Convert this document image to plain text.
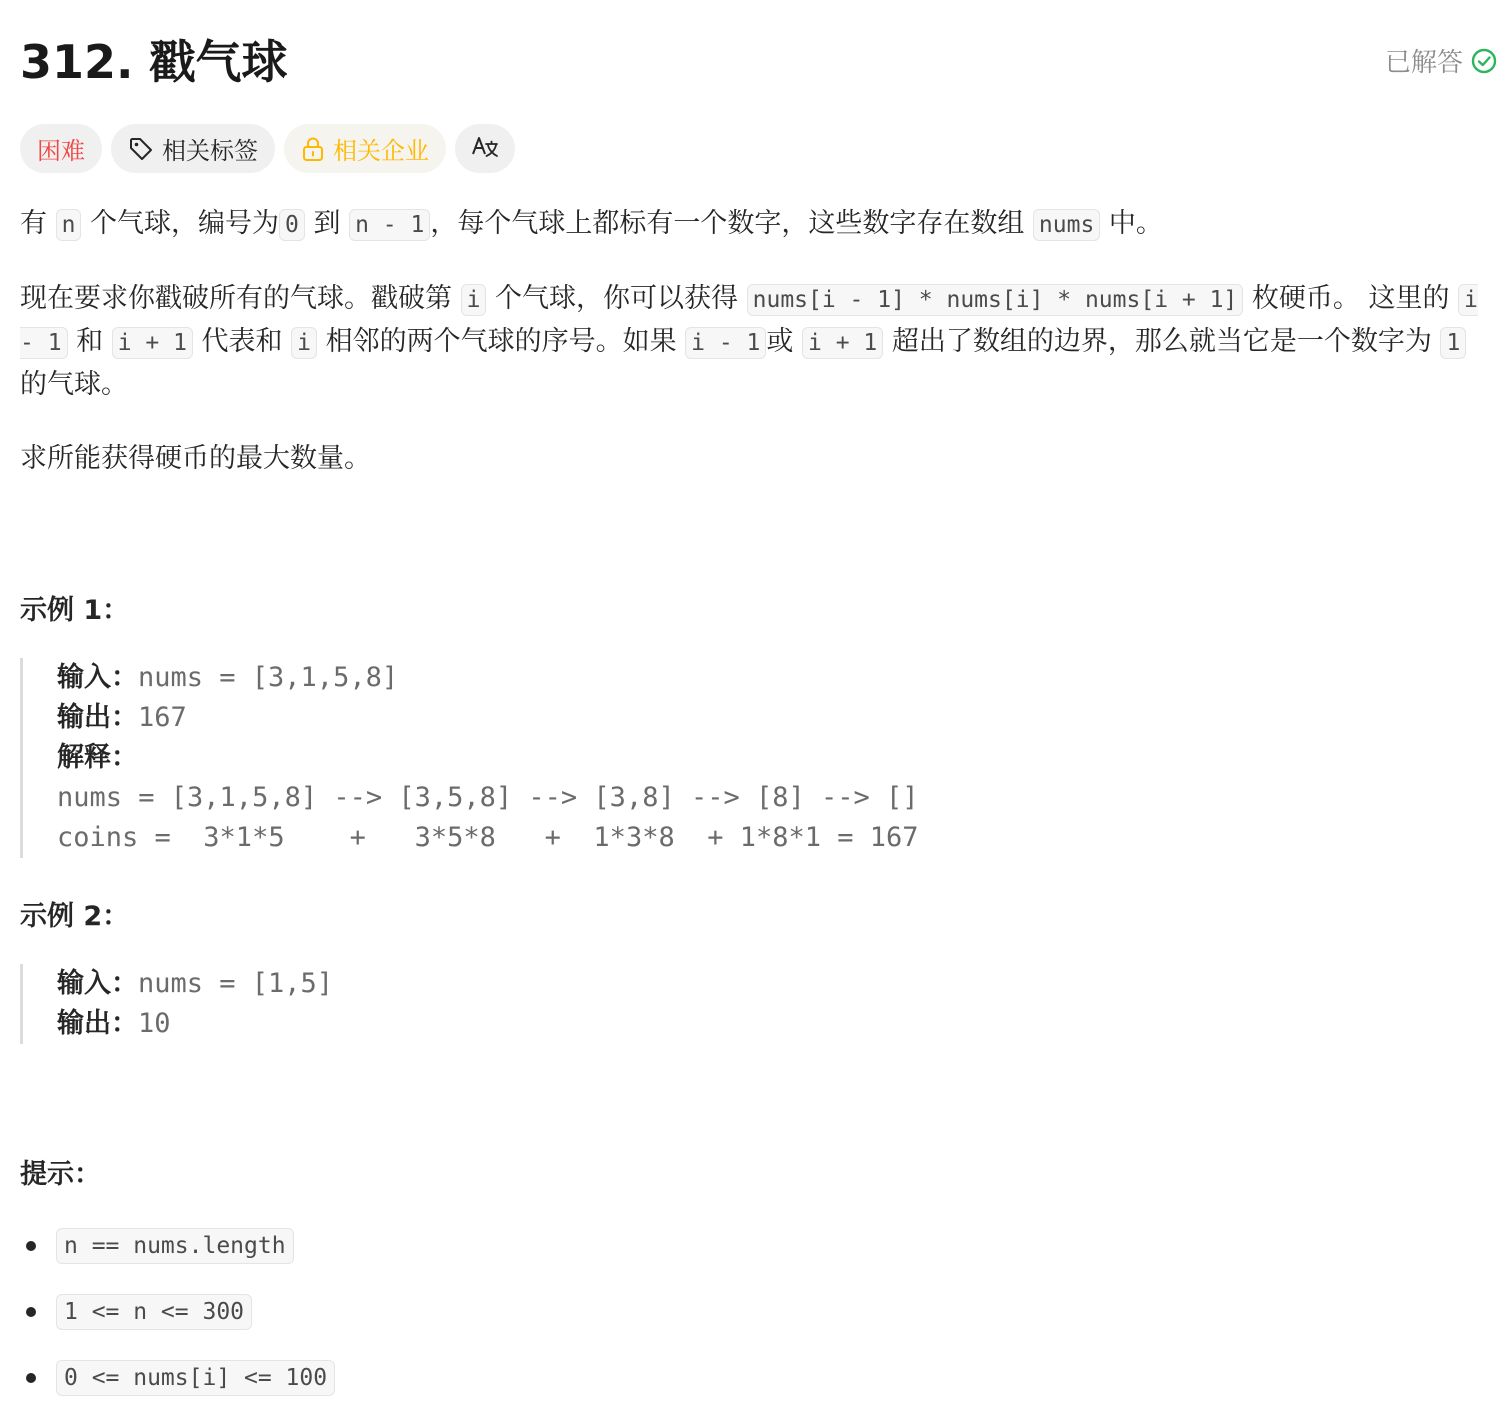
312. 戳气球	已解答
困难	相关标签	相关企业

有 n 个气球，编号为 0 到 n - 1 ，每个气球上都标有一个数字，这些数字存在数组 nums 中。

现在要求你戳破所有的气球。戳破第 i 个气球，你可以获得 nums[i - 1] * nums[i] * nums[i + 1] 枚硬币。 这里的 i - 1 和 i + 1 代表和 i 相邻的两个气球的序号。如果 i - 1 或 i + 1 超出了数组的边界，那么就当它是一个数字为 1 的气球。

求所能获得硬币的最大数量。

示例 1：
输入：nums = [3,1,5,8]
输出：167
解释：
nums = [3,1,5,8] --> [3,5,8] --> [3,8] --> [8] --> []
coins =  3*1*5    +   3*5*8   +  1*3*8  + 1*8*1 = 167
示例 2：
输入：nums = [1,5]
输出：10
提示：
n == nums.length
1 <= n <= 300
0 <= nums[i] <= 100
